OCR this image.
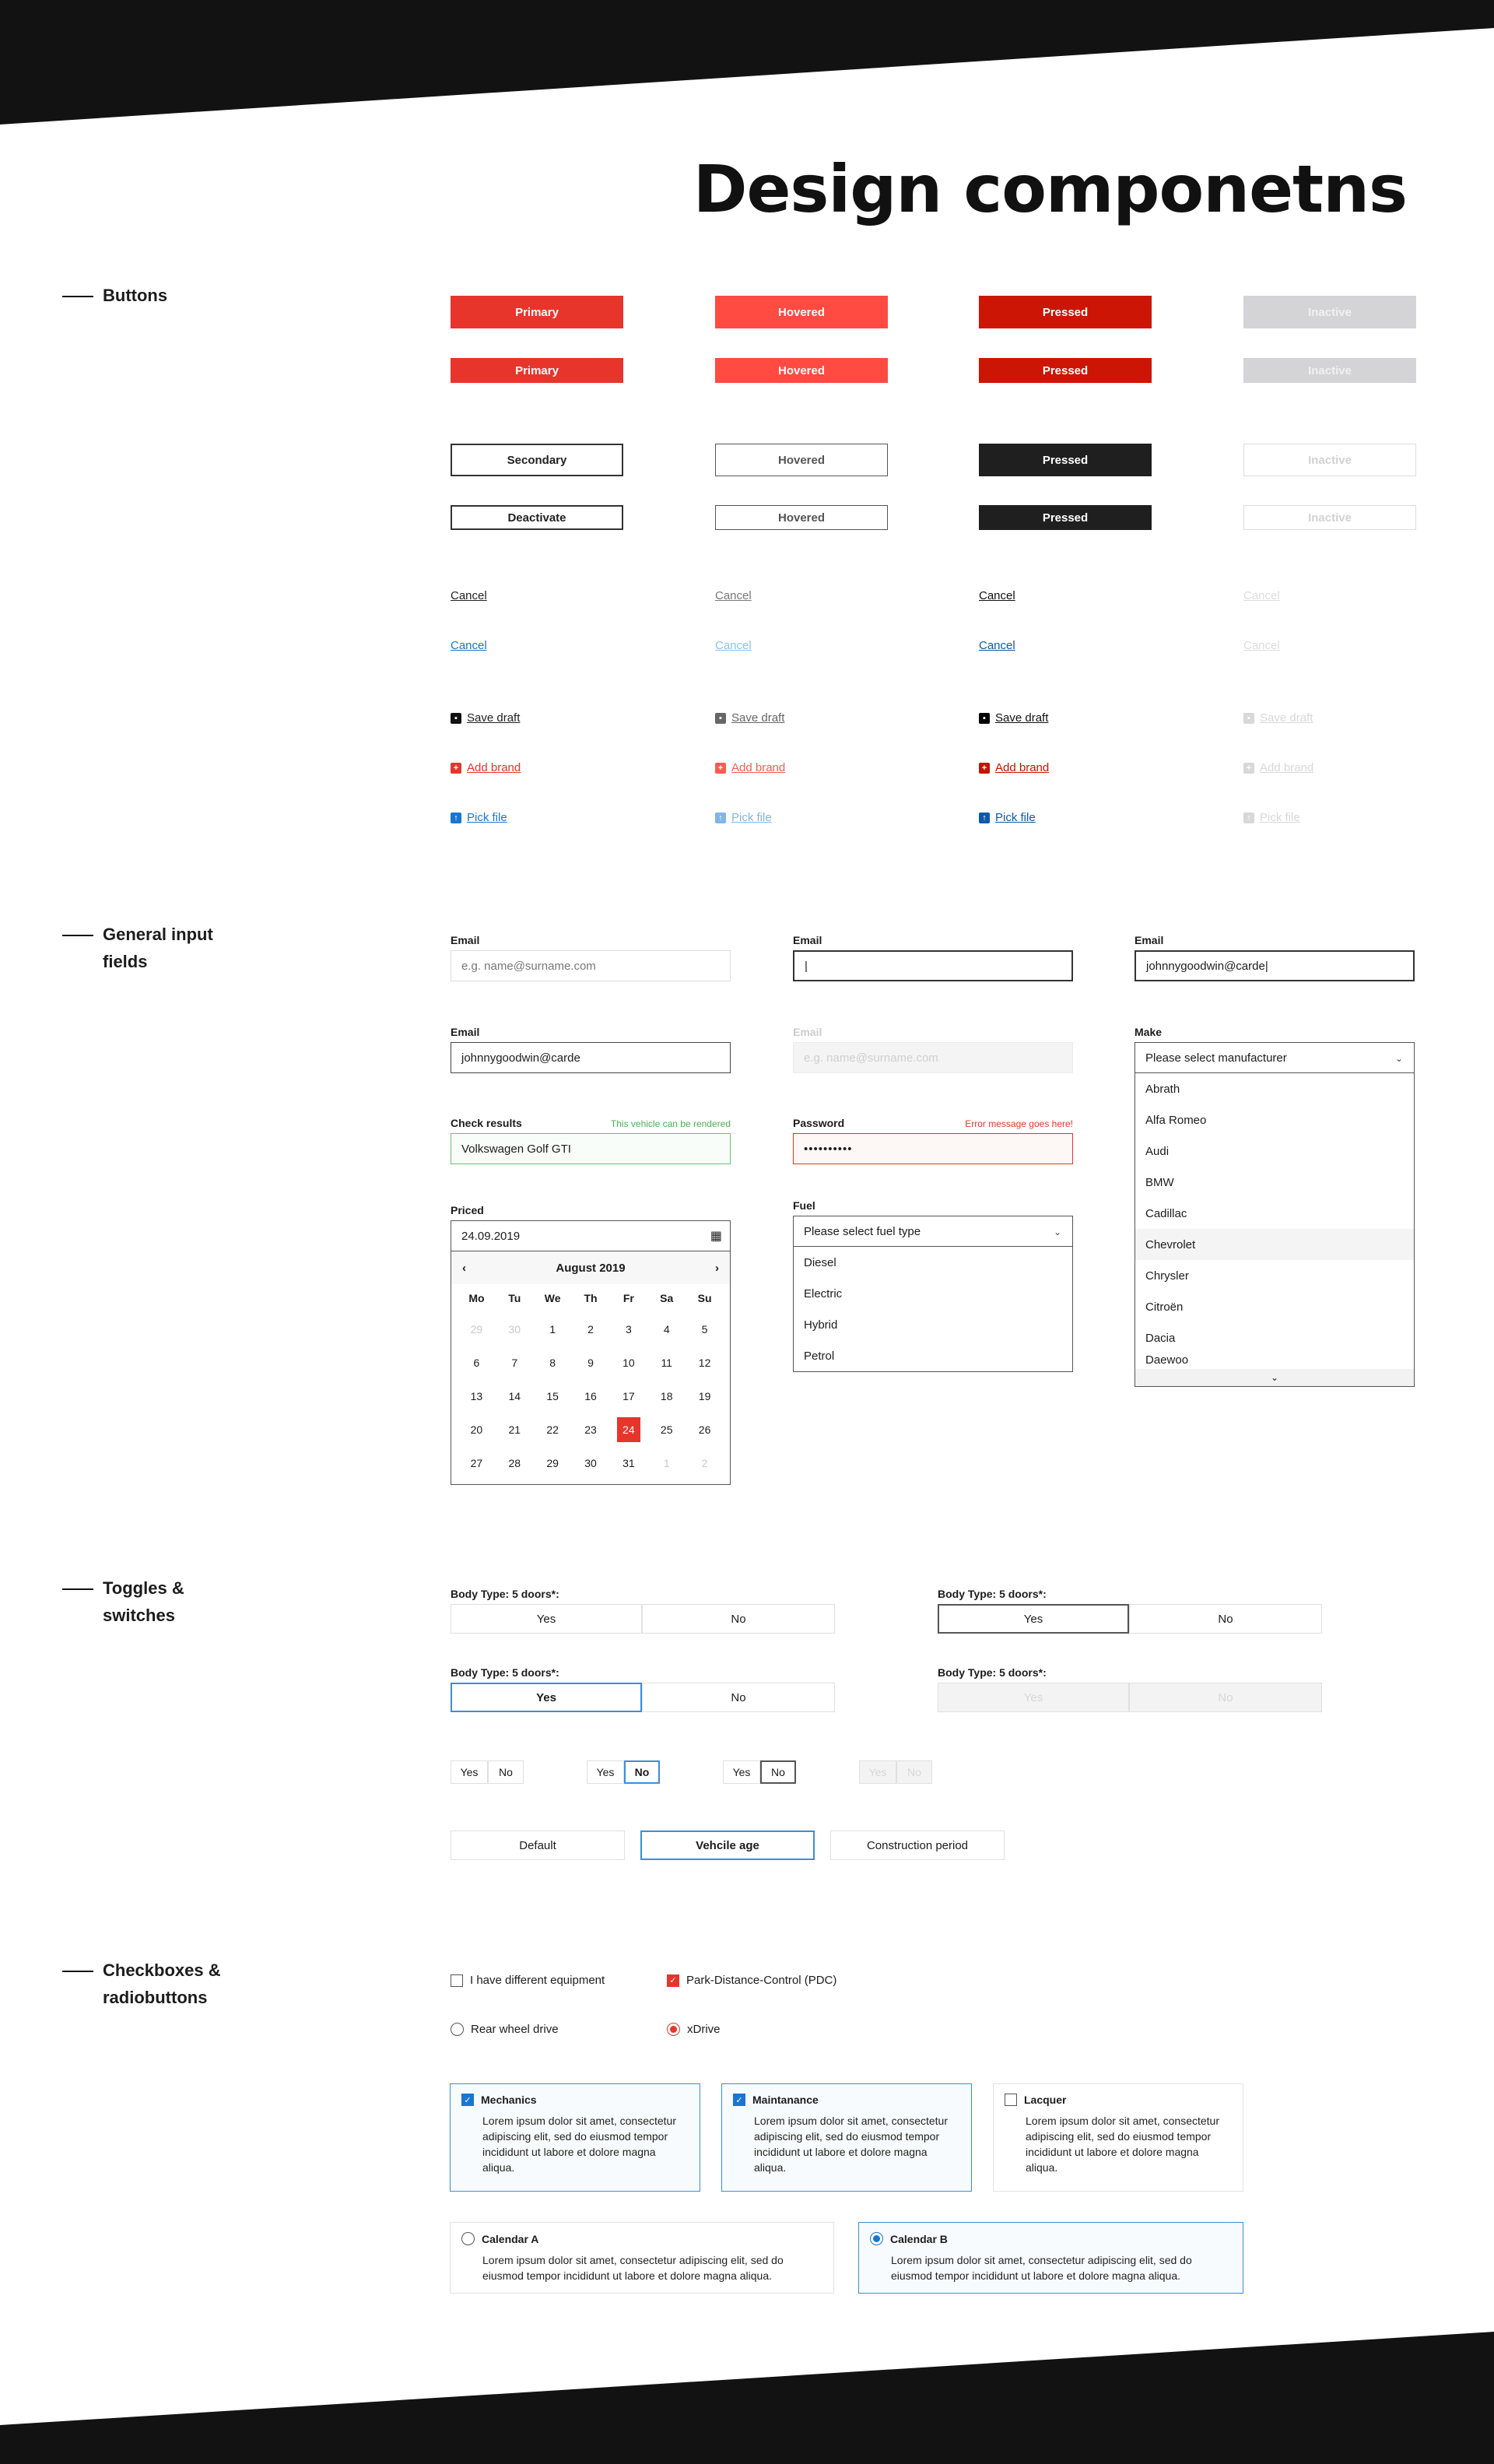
Design componetns
Buttons
Primary	Hovered	Pressed	Inactive
Primary	Hovered	Pressed	Inactive
Secondary	Hovered	Pressed	Inactive
Deactivate	Hovered	Pressed	Inactive
Cancel	Cancel	Cancel	Cancel
Cancel	Cancel	Cancel	Cancel
▪ Save draft	▪ Save draft	▪ Save draft	▪ Save draft
+ Add brand	+ Add brand	+ Add brand	+ Add brand
↑ Pick file	↑ Pick file	↑ Pick file	↑ Pick file
General input fields
Email
e.g. name@surname.com
Email
|
Email
johnnygoodwin@carde|
Email
johnnygoodwin@carde
Email
e.g. name@surname.com
Make
Please select manufacturer	⌄
Abrath
Alfa Romeo
Audi
BMW
Cadillac
Chevrolet
Chrysler
Citroën
Dacia
Daewoo
⌄
Check results	This vehicle can be rendered
Volkswagen Golf GTI
Password	Error message goes here!
••••••••••
Priced
24.09.2019	▦
‹	August 2019	›
Mo	Tu	We	Th	Fr	Sa	Su
29	30	1	2	3	4	5
6	7	8	9	10	11	12
13	14	15	16	17	18	19
20	21	22	23	24	25	26
27	28	29	30	31	1	2
Fuel
Please select fuel type	⌄
Diesel
Electric
Hybrid
Petrol
Toggles & switches
Body Type: 5 doors*:
Yes	No
Body Type: 5 doors*:
Yes	No
Body Type: 5 doors*:
Yes	No
Body Type: 5 doors*:
Yes	No
Yes	No	Yes	No	Yes	No	Yes	No
Default	Vehcile age	Construction period
Checkboxes & radiobuttons
I have different equipment	✓ Park-Distance-Control (PDC)
Rear wheel drive	xDrive
✓ Mechanics
Lorem ipsum dolor sit amet, consectetur adipiscing elit, sed do eiusmod tempor incididunt ut labore et dolore magna aliqua.
✓ Maintanance
Lorem ipsum dolor sit amet, consectetur adipiscing elit, sed do eiusmod tempor incididunt ut labore et dolore magna aliqua.
Lacquer
Lorem ipsum dolor sit amet, consectetur adipiscing elit, sed do eiusmod tempor incididunt ut labore et dolore magna aliqua.
Calendar A
Lorem ipsum dolor sit amet, consectetur adipiscing elit, sed do eiusmod tempor incididunt ut labore et dolore magna aliqua.
Calendar B
Lorem ipsum dolor sit amet, consectetur adipiscing elit, sed do eiusmod tempor incididunt ut labore et dolore magna aliqua.
